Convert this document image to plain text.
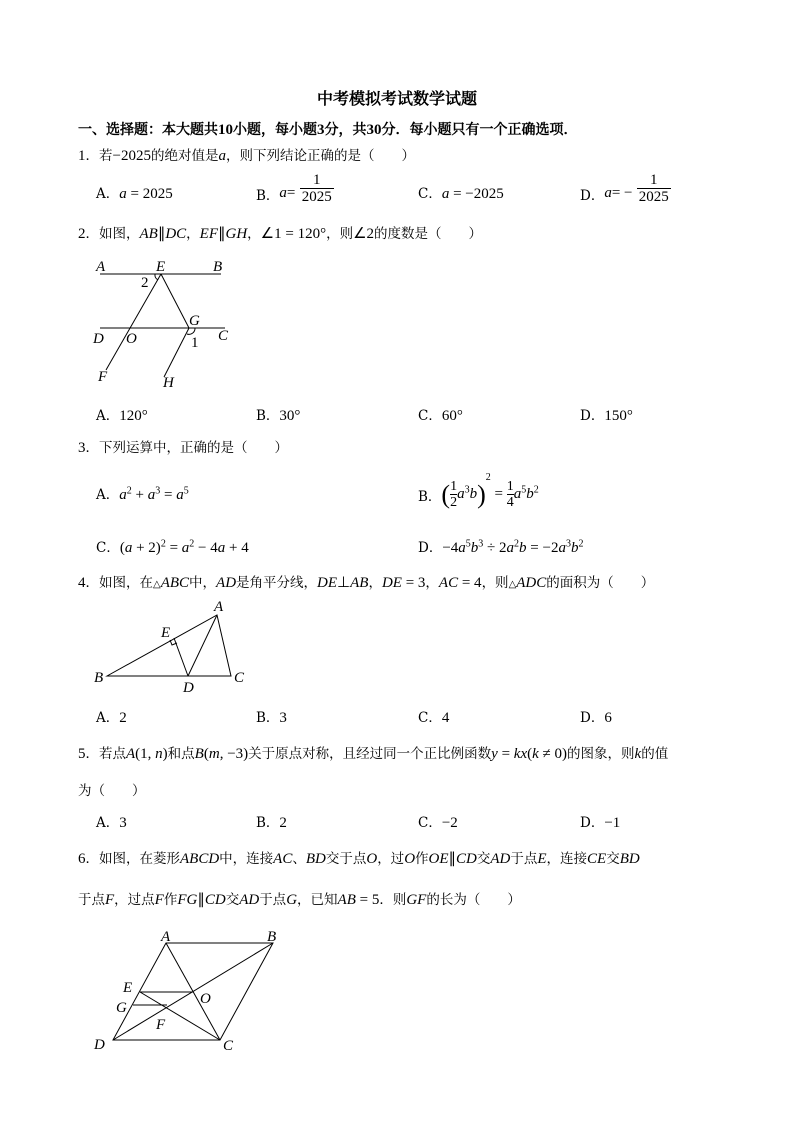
中考模拟考试数学试题
一、选择题：本大题共10小题，每小题3分，共30分．每小题只有一个正确选项．
1．若−2025的绝对值是a，则下列结论正确的是（　　）
A．a = 2025	B．$a= \frac{1}{2025}$	C．a = −2025	D．$a= - \frac{1}{2025}$
2．如图，AB∥DC，EF∥GH，∠1 = 120°，则∠2的度数是（　　）
A	E	B
2
G
C
D O	1
F	H
A．120°	B．30°	C．60°	D．150°
3．下列运算中，正确的是（　　）
A．$a^2 + a^3 = a^5$	B．( $\frac{1}{2} a^3b)^2 = \frac{1}{4} a^5b^2$
C．$(a + 2)^2 = a^2 - 4a + 4$	D．$-4a^5b^3 \div 2a^2b = -2a^3b^2$
4．如图，在△ABC中，AD是角平分线，DE⊥AB，DE = 3，AC = 4，则△ADC的面积为（　　）
A
E
B
D
C
A．2	B．3	C．4	D．6
5．若点A(1, n)和点B(m, −3)关于原点对称，且经过同一个正比例函数y = kx(k ≠ 0)的图象，则k的值
为（　　）
A．3	B．2	C．−2	D．−1
6．如图，在菱形ABCD中，连接AC、BD交于点O，过O作OE∥CD交AD于点E，连接CE交BD
于点F，过点F作FG∥CD交AD于点G，已知AB = 5．则GF的长为（　　）
A	B
E
O
G
F
D	C
